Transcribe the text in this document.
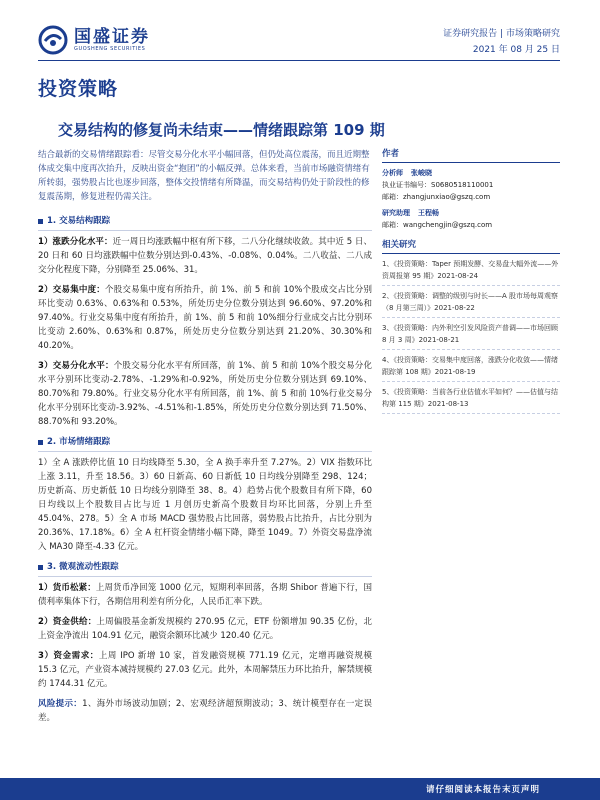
国盛证券
GUOSHENG SECURITIES
证券研究报告 | 市场策略研究
2021 年 08 月 25 日
投资策略
交易结构的修复尚未结束——情绪跟踪第 109 期

结合最新的交易情绪跟踪看：尽管交易分化水平小幅回落，但仍处高位震荡，而且近期整体成交集中度再次抬升，反映出资金“抱团”的小幅反弹。总体来看，当前市场融资情绪有所转弱，强势股占比也逐步回落，整体交投情绪有所降温，而交易结构仍处于阶段性的修复震荡期，修复进程仍需关注。

1. 交易结构跟踪

1）涨跌分化水平：近一周日均涨跌幅中枢有所下移，二八分化继续收敛。其中近 5 日、20 日和 60 日均涨跌幅中位数分别达到-0.43%、-0.08%、0.04%。二八收益、二八成交分化程度下降，分别降至 25.06%、31。

2）交易集中度：个股交易集中度有所抬升，前 1%、前 5 和前 10%个股成交占比分别环比变动 0.63%、0.63%和 0.53%，所处历史分位数分别达到 96.60%、97.20%和 97.40%。行业交易集中度有所抬升，前 1%、前 5 和前 10%细分行业成交占比分别环比变动 2.60%、0.63%和 0.87%，所处历史分位数分别达到 21.20%、30.30%和 40.20%。

3）交易分化水平：个股交易分化水平有所回落，前 1%、前 5 和前 10%个股交易分化水平分别环比变动-2.78%、-1.29%和-0.92%，所处历史分位数分别达到 69.10%、80.70%和 79.80%。行业交易分化水平有所回落，前 1%、前 5 和前 10%行业交易分化水平分别环比变动-3.92%、-4.51%和-1.85%，所处历史分位数分别达到 71.50%、88.70%和 93.20%。

2. 市场情绪跟踪

1）全 A 涨跌停比值 10 日均线降至 5.30，全 A 换手率升至 7.27%。2）VIX 指数环比上涨 3.11，升至 18.56。3）60 日新高、60 日新低 10 日均线分别降至 298、124；历史新高、历史新低 10 日均线分别降至 38、8。4）趋势占优个股数目有所下降，60 日均线以上个股数目占比与近 1 月创历史新高个股数目均环比回落，分别上升至 45.04%、278。5）全 A 市场 MACD 强势股占比回落，弱势股占比抬升，占比分别为 20.36%、17.18%。6）全 A 杠杆资金情绪小幅下降，降至 1049。7）外资交易盘净流入 MA30 降至-4.33 亿元。

3. 微观流动性跟踪

1）货币松紧：上周货币净回笼 1000 亿元，短期利率回落，各期 Shibor 普遍下行，国债利率集体下行，各期信用利差有所分化，人民币汇率下跌。

2）资金供给：上周偏股基金新发规模约 270.95 亿元，ETF 份额增加 90.35 亿份，北上资金净流出 104.91 亿元，融资余额环比减少 120.40 亿元。

3）资金需求：上周 IPO 新增 10 家，首发融资规模 771.19 亿元，定增再融资规模 15.3 亿元，产业资本减持规模约 27.03 亿元。此外，本周解禁压力环比抬升，解禁规模约 1744.31 亿元。

风险提示：1、海外市场波动加剧；2、宏观经济超预期波动；3、统计模型存在一定误差。

作者
分析师 张峻晓
执业证书编号：S0680518110001
邮箱：zhangjunxiao@gszq.com
研究助理 王程畅
邮箱：wangchengjin@gszq.com
相关研究
1、《投资策略：Taper 预期发酵、交易盘大幅外流——外资周报第 95 期》2021-08-24
2、《投资策略：调整的级别与时长——A 股市场每周观察（8 月第三周）》2021-08-22
3、《投资策略：内外利空引发风险资产普调——市场回顾 8 月 3 周》2021-08-21
4、《投资策略：交易集中度回落，涨跌分化收敛——情绪跟踪第 108 期》2021-08-19
5、《投资策略：当前各行业估值水平如何？——估值与结构第 115 期》2021-08-13
请仔细阅读本报告末页声明
